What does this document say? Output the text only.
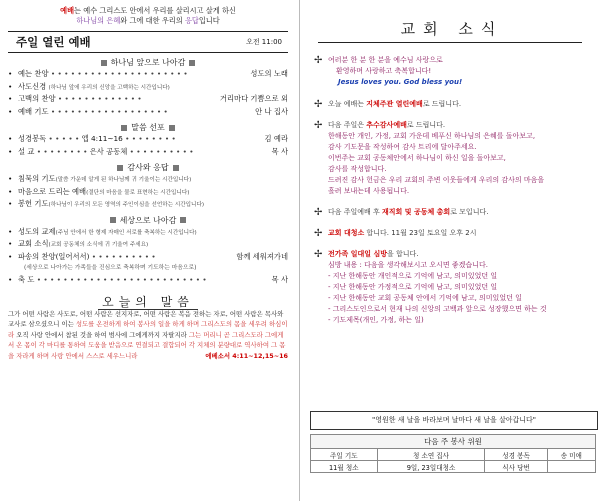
예배는 예수 그리스도 안에서 우리를 살리시고 살게 하신
하나님의 은혜와 그에 대한 우리의 응답입니다
주일 열린 예배	오전 11:00
하나님 앞으로 나아감
• 예는 찬양 • • • • • • • • • • • • • • • • • • • • •	성도의 노래
• 사도신경 (하나님 앞에 우리의 신앙을 고백하는 시간입니다)
• 고백의 찬양 • • • • • • • • • • • • •	거리마다 기쁨으로 외
• 예배 기도 • • • • • • • • • • • • • • • • • •	안 나 집사
말씀 선포
• 성경봉독 • • • • • 엡 4:11~16 • • • • • • • •	김 예라
• 설 교 • • • • • • • • 은사 공동체 • • • • • • • • • •	목 사
감사와 응답
• 침묵의 기도(말씀 가운데 알게 된 하나님께 귀 기울이는 시간입니다)
• 마음으로 드리는 예배(결단의 마음을 물로 표현하는 시간입니다)
• 봉헌 기도(하나님이 우리의 모든 영역의 주인이심을 선언하는 시간입니다)
세상으로 나아감
• 성도의 교제(주님 안에서 한 형제 자매인 서로를 축복하는 시간입니다)
• 교회 소식(교회 공동체의 소식에 귀 기울여 주세요)
• 파송의 찬양(일어서서) • • • • • • • • • •	함께 세워져가네
(세상으로 나아가는 가족들을 진심으로 축복하며 기도하는 마음으로)
• 축 도 • • • • • • • • • • • • • • • • • • • • • • • • • •	목 사
오늘의 말씀
그가 어떤 사람은 사도로, 어떤 사람은 선지자로, 어떤 사람은 복음 전하는 자로, 어떤 사람은 목사와 교사로 삼으셨으니 이는 성도를 온전하게 하여 봉사의 일을 하게 하며 그리스도의 몸을 세우려 하심이라 오직 사랑 안에서 참된 것을 하여 범사에 그에게까지 자랄지라 그는 머리니 곧 그리스도라 그에게서 온 몸이 각 마디를 통하여 도움을 받음으로 연결되고 결합되어 각 지체의 분량대로 역사하여 그 몸을 자라게 하며 사랑 안에서 스스로 세우느니라	에베소서 4:11~12,15~16
교회 소식
✢ 여러분 한 분 한 분을 예수님 사랑으로
환영하며 사랑하고 축복합니다!
Jesus loves you. God bless you!
✢ 오늘 예배는 지체주관 열린예배로 드립니다.
✢ 다음 주일은 추수감사예배로 드립니다.
한해동안 개인, 가정, 교회 가운데 베푸신 하나님의 은혜를 돌아보고,
감사 기도문을 작성하여 감사 트리에 달아주세요.
이번주는 교회 공동체안에서 하나님이 하신 일을 돌아보고,
감사를 작성합니다.
드려진 감사 헌금은 우리 교회의 주변 이웃들에게 우리의 감사의 마음을
흘려 보내는데 사용됩니다.
✢ 다음 주일예배 후 재직회 및 공동체 총회로 모입니다.
✢ 교회 대청소 합니다. 11월 23일 토요일 오후 2시
✢ 전가족 일대일 심방을 합니다.
심방 내용 : 다음을 생각해보시고 오시면 좋겠습니다.
- 지난 한해동안 개인적으로 기억에 남고, 의미있었던 일
- 지난 한해동안 가정적으로 기억에 남고, 의미있었던 일
- 지난 한해동안 교회 공동체 안에서 기억에 남고, 의미있었던 일
- 그리스도인으로서 현재 나의 신앙의 고백과 앞으로 성장했으면 하는 것
- 기도제목(개인, 가정, 하는 일)
"영원한 새 날을 바라보며 날마다 새 날을 살아갑니다"
다음 주 봉사 위원			
주일 기도	청 소연 집사	성경 봉독	송 미애
11월 청소	9일, 23일대청소	식사 당번	
